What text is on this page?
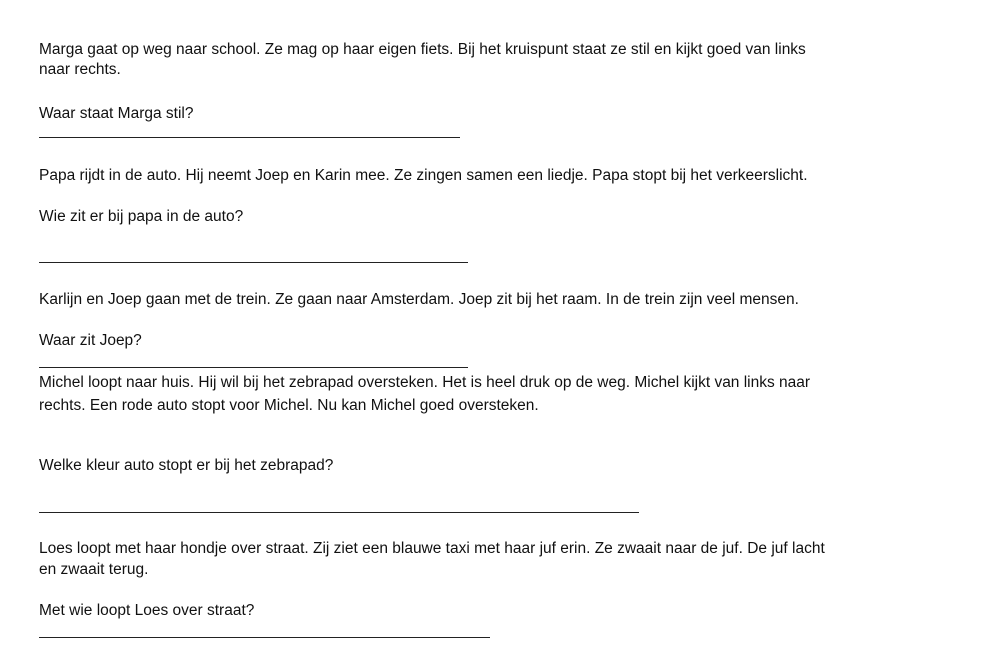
Marga gaat op weg naar school. Ze mag op haar eigen fiets. Bij het kruispunt staat ze stil en kijkt goed van links

naar rechts.

Waar staat Marga stil?

Papa rijdt in de auto. Hij neemt Joep en Karin mee. Ze zingen samen een liedje. Papa stopt bij het verkeerslicht.

Wie zit er bij papa in de auto?

Karlijn en Joep gaan met de trein. Ze gaan naar Amsterdam. Joep zit bij het raam. In de trein zijn veel mensen.

Waar zit Joep?

Michel loopt naar huis. Hij wil bij het zebrapad oversteken. Het is heel druk op de weg. Michel kijkt van links naar

rechts. Een rode auto stopt voor Michel. Nu kan Michel goed oversteken.

Welke kleur auto stopt er bij het zebrapad?

Loes loopt met haar hondje over straat. Zij ziet een blauwe taxi met haar juf erin. Ze zwaait naar de juf. De juf lacht

en zwaait terug.

Met wie loopt Loes over straat?
